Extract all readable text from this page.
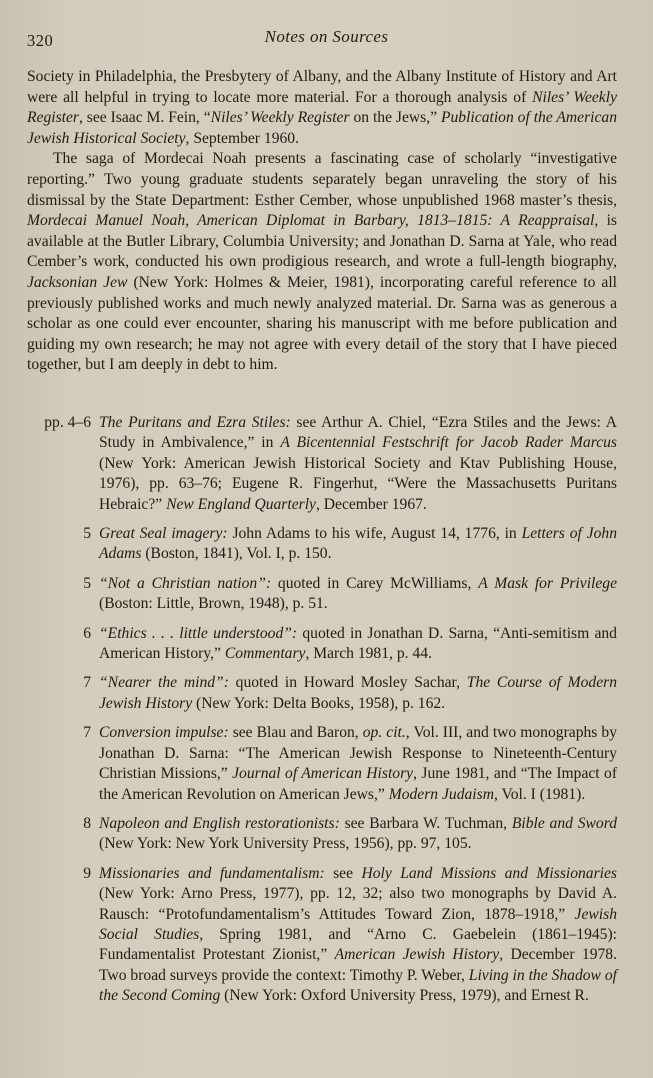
320	Notes on Sources

Society in Philadelphia, the Presbytery of Albany, and the Albany Institute of History and Art were all helpful in trying to locate more material. For a thorough analysis of Niles’ Weekly Register, see Isaac M. Fein, “Niles’ Weekly Register on the Jews,” Publication of the American Jewish Historical Society, September 1960.

The saga of Mordecai Noah presents a fascinating case of scholarly “investigative reporting.” Two young graduate students separately began unraveling the story of his dismissal by the State Department: Esther Cember, whose unpublished 1968 master’s thesis, Mordecai Manuel Noah, American Diplomat in Barbary, 1813–1815: A Reappraisal, is available at the Butler Library, Columbia University; and Jonathan D. Sarna at Yale, who read Cember’s work, conducted his own prodigious research, and wrote a full-length biography, Jacksonian Jew (New York: Holmes & Meier, 1981), incorporating careful reference to all previously published works and much newly analyzed material. Dr. Sarna was as generous a scholar as one could ever encounter, sharing his manuscript with me before publication and guiding my own research; he may not agree with every detail of the story that I have pieced together, but I am deeply in debt to him.

pp. 4–6 The Puritans and Ezra Stiles: see Arthur A. Chiel, “Ezra Stiles and the Jews: A Study in Ambivalence,” in A Bicentennial Festschrift for Jacob Rader Marcus (New York: American Jewish Historical Society and Ktav Publishing House, 1976), pp. 63–76; Eugene R. Fingerhut, “Were the Massachusetts Puritans Hebraic?” New England Quarterly, December 1967.
5 Great Seal imagery: John Adams to his wife, August 14, 1776, in Letters of John Adams (Boston, 1841), Vol. I, p. 150.
5 “Not a Christian nation”: quoted in Carey McWilliams, A Mask for Privilege (Boston: Little, Brown, 1948), p. 51.
6 “Ethics . . . little understood”: quoted in Jonathan D. Sarna, “Anti-semitism and American History,” Commentary, March 1981, p. 44.
7 “Nearer the mind”: quoted in Howard Mosley Sachar, The Course of Modern Jewish History (New York: Delta Books, 1958), p. 162.
7 Conversion impulse: see Blau and Baron, op. cit., Vol. III, and two monographs by Jonathan D. Sarna: “The American Jewish Response to Nineteenth-Century Christian Missions,” Journal of American History, June 1981, and “The Impact of the American Revolution on American Jews,” Modern Judaism, Vol. I (1981).
8 Napoleon and English restorationists: see Barbara W. Tuchman, Bible and Sword (New York: New York University Press, 1956), pp. 97, 105.
9 Missionaries and fundamentalism: see Holy Land Missions and Missionaries (New York: Arno Press, 1977), pp. 12, 32; also two monographs by David A. Rausch: “Protofundamentalism’s Attitudes Toward Zion, 1878–1918,” Jewish Social Studies, Spring 1981, and “Arno C. Gaebelein (1861–1945): Fundamentalist Protestant Zionist,” American Jewish History, December 1978. Two broad surveys provide the context: Timothy P. Weber, Living in the Shadow of the Second Coming (New York: Oxford University Press, 1979), and Ernest R.
